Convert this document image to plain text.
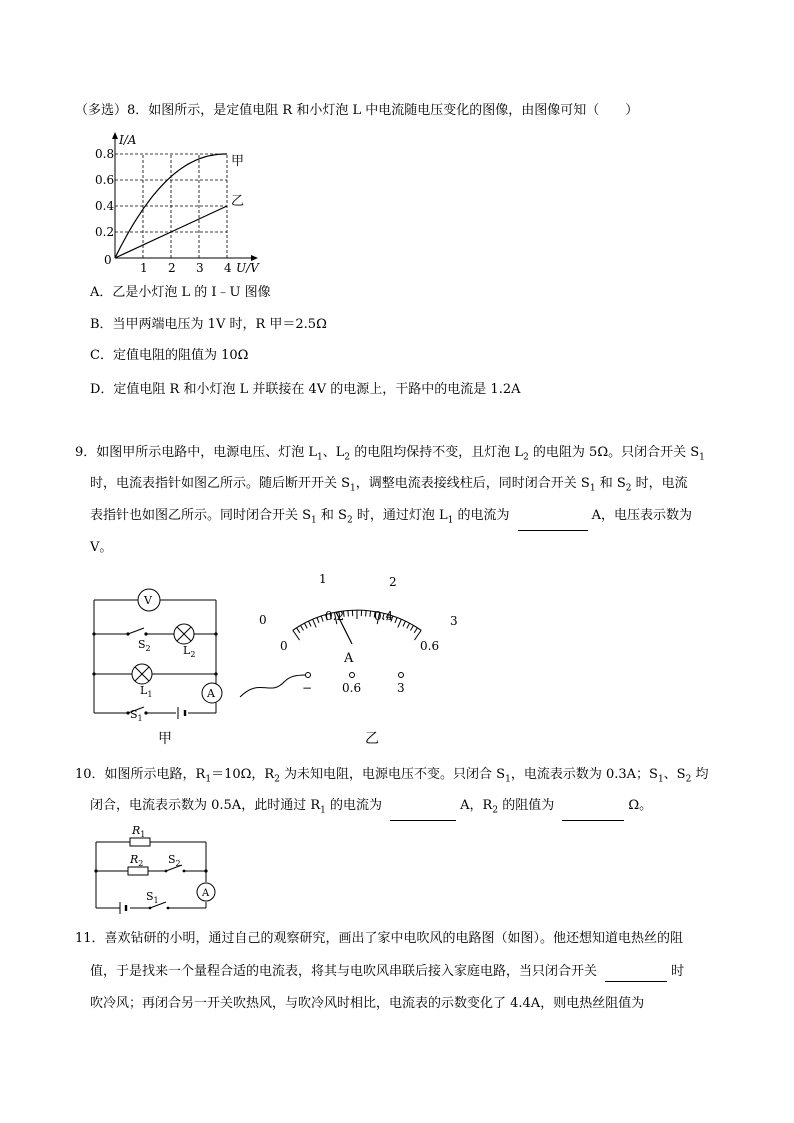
（多选）8．如图所示，是定值电阻 R 和小灯泡 L 中电流随电压变化的图像，由图像可知（　　）
0.8
0.6
0.4
0.2
1 2 3 4
I/A
U/V
0
甲
乙
A．乙是小灯泡 L 的 I﹣U 图像
B．当甲两端电压为 1V 时，R 甲＝2.5Ω
C．定值电阻的阻值为 10Ω
D．定值电阻 R 和小灯泡 L 并联接在 4V 的电源上，干路中的电流是 1.2A
9．如图甲所示电路中，电源电压、灯泡 $L_1$、$L_2$ 的电阻均保持不变，且灯泡 $L_2$ 的电阻为 5Ω。只闭合开关 $S_1$
时，电流表指针如图乙所示。随后断开开关 $S_1$，调整电流表接线柱后，同时闭合开关 $S_1$ 和 $S_2$ 时，电流
表指针也如图乙所示。同时闭合开关 $S_1$ 和 $S_2$ 时，通过灯泡 $L_1$ 的电流为	A，电压表示数为
V。
V
A
$S_2$	$L_2$
$L_1$
$S_1$
甲
0
1	2
3
0
0.2 0.4
0.6
A
− 0.6	3
乙
10．如图所示电路，$R_1=10\Omega$，$R_2$ 为未知电阻，电源电压不变。只闭合 $S_1$，电流表示数为 0.3A；$S_1$、$S_2$ 均
闭合，电流表示数为 0.5A，此时通过 $R_1$ 的电流为	A，$R_2$ 的阻值为	Ω。
A
$R_1$
$R_2$ $S_2$
$S_1$
11．喜欢钻研的小明，通过自己的观察研究，画出了家中电吹风的电路图（如图）。他还想知道电热丝的阻
值，于是找来一个量程合适的电流表，将其与电吹风串联后接入家庭电路，当只闭合开关	时
吹冷风；再闭合另一开关吹热风，与吹冷风时相比，电流表的示数变化了 4.4A，则电热丝阻值为
